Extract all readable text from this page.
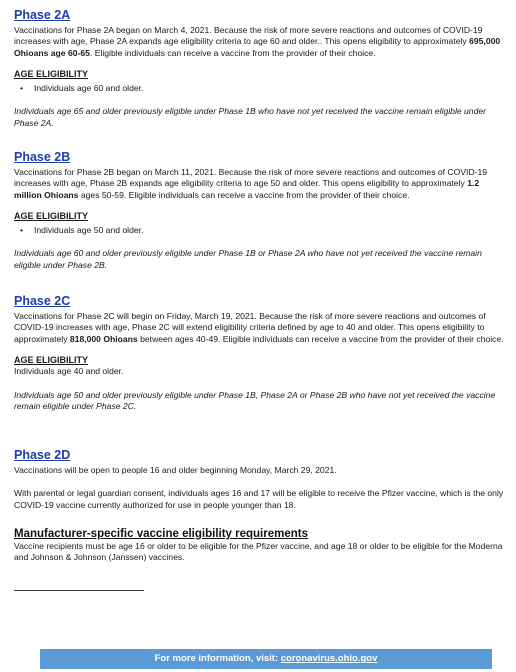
Phase 2A

Vaccinations for Phase 2A began on March 4, 2021. Because the risk of more severe reactions and outcomes of COVID-19 increases with age, Phase 2A expands age eligibility criteria to age 60 and older.. This opens eligibility to approximately 695,000 Ohioans age 60-65. Eligible individuals can receive a vaccine from the provider of their choice.

AGE ELIGIBILITY
• Individuals age 60 and older.

Individuals age 65 and older previously eligible under Phase 1B who have not yet received the vaccine remain eligible under Phase 2A.

Phase 2B

Vaccinations for Phase 2B began on March 11, 2021. Because the risk of more severe reactions and outcomes of COVID-19 increases with age, Phase 2B expands age eligibility criteria to age 50 and older. This opens eligibility to approximately 1.2 million Ohioans ages 50-59. Eligible individuals can receive a vaccine from the provider of their choice.

AGE ELIGIBILITY
• Individuals age 50 and older.

Individuals age 60 and older previously eligible under Phase 1B or Phase 2A who have not yet received the vaccine remain eligible under Phase 2B.

Phase 2C

Vaccinations for Phase 2C will begin on Friday, March 19, 2021. Because the risk of more severe reactions and outcomes of COVID-19 increases with age, Phase 2C will extend eligibility criteria defined by age to 40 and older. This opens eligibility to approximately 818,000 Ohioans between ages 40-49. Eligible individuals can receive a vaccine from the provider of their choice.

AGE ELIGIBILITY

Individuals age 40 and older.

Individuals age 50 and older previously eligible under Phase 1B, Phase 2A or Phase 2B who have not yet received the vaccine remain eligible under Phase 2C.

Phase 2D

Vaccinations will be open to people 16 and older beginning Monday, March 29, 2021.

With parental or legal guardian consent, individuals ages 16 and 17 will be eligible to receive the Pfizer vaccine, which is the only COVID-19 vaccine currently authorized for use in people younger than 18.

Manufacturer-specific vaccine eligibility requirements

Vaccine recipients must be age 16 or older to be eligible for the Pfizer vaccine, and age 18 or older to be eligible for the Moderna and Johnson & Johnson (Janssen) vaccines.

For more information, visit: coronavirus.ohio.gov
